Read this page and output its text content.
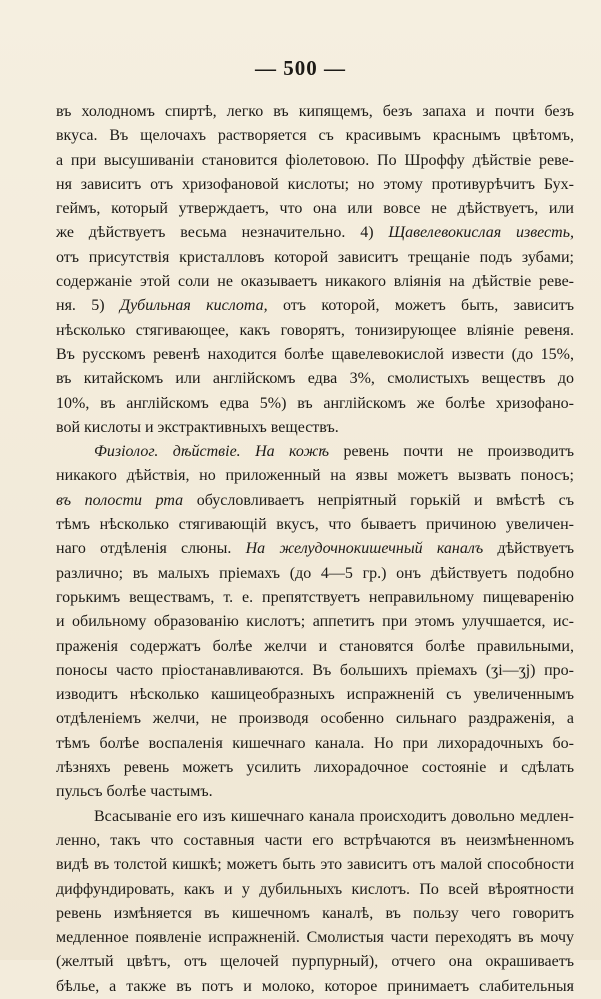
— 500 —
въ холодномъ спиртѣ, легко въ кипящемъ, безъ запаха и почти безъ
вкуса. Въ щелочахъ растворяется съ красивымъ краснымъ цвѣтомъ,
а при высушиваніи становится фіолетовою. По Шроффу дѣйствіе реве-
ня зависитъ отъ хризофановой кислоты; но этому противурѣчитъ Бух-
геймъ, который утверждаетъ, что она или вовсе не дѣйствуетъ, или
же дѣйствуетъ весьма незначительно. 4) Щавелевокислая известь,
отъ присутствія кристалловъ которой зависитъ трещаніе подъ зубами;
содержаніе этой соли не оказываетъ никакого вліянія на дѣйствіе реве-
ня. 5) Дубильная кислота, отъ которой, можетъ быть, зависитъ
нѣсколько стягивающее, какъ говорятъ, тонизирующее вліяніе ревеня.
Въ русскомъ ревенѣ находится болѣе щавелевокислой извести (до 15%,
въ китайскомъ или англійскомъ едва 3%, смолистыхъ веществъ до
10%, въ англійскомъ едва 5%) въ англійскомъ же болѣе хризофано-
вой кислоты и экстрактивныхъ веществъ.
Физіолог. дѣйствіе. На кожѣ ревень почти не производитъ
никакого дѣйствія, но приложенный на язвы можетъ вызвать поносъ;
въ полости рта обусловливаетъ непріятный горькій и вмѣстѣ съ
тѣмъ нѣсколько стягивающій вкусъ, что бываетъ причиною увеличен-
наго отдѣленія слюны. На желудочнокишечный каналъ дѣйствуетъ
различно; въ малыхъ пріемахъ (до 4—5 гр.) онъ дѣйствуетъ подобно
горькимъ веществамъ, т. е. препятствуетъ неправильному пищеваренію
и обильному образованію кислотъ; аппетитъ при этомъ улучшается, ис-
праженія содержатъ болѣе желчи и становятся болѣе правильными,
поносы часто пріостанавливаются. Въ большихъ пріемахъ (ʒі—ʒj) про-
изводитъ нѣсколько кашицеобразныхъ испражненій съ увеличеннымъ
отдѣленіемъ желчи, не производя особенно сильнаго раздраженія, а
тѣмъ болѣе воспаленія кишечнаго канала. Но при лихорадочныхъ бо-
лѣзняхъ ревень можетъ усилить лихорадочное состояніе и сдѣлать
пульсъ болѣе частымъ.
Всасываніе его изъ кишечнаго канала происходитъ довольно медлен-
ленно, такъ что составныя части его встрѣчаются въ неизмѣненномъ
видѣ въ толстой кишкѣ; можетъ быть это зависитъ отъ малой способности
диффундировать, какъ и у дубильныхъ кислотъ. По всей вѣроятности
ревень измѣняется въ кишечномъ каналѣ, въ пользу чего говоритъ
медленное появленіе испражненій. Смолистыя части переходятъ въ мочу
(желтый цвѣтъ, отъ щелочей пурпурный), отчего она окрашиваетъ
бѣлье, а также въ потъ и молоко, которое принимаетъ слабительныя
